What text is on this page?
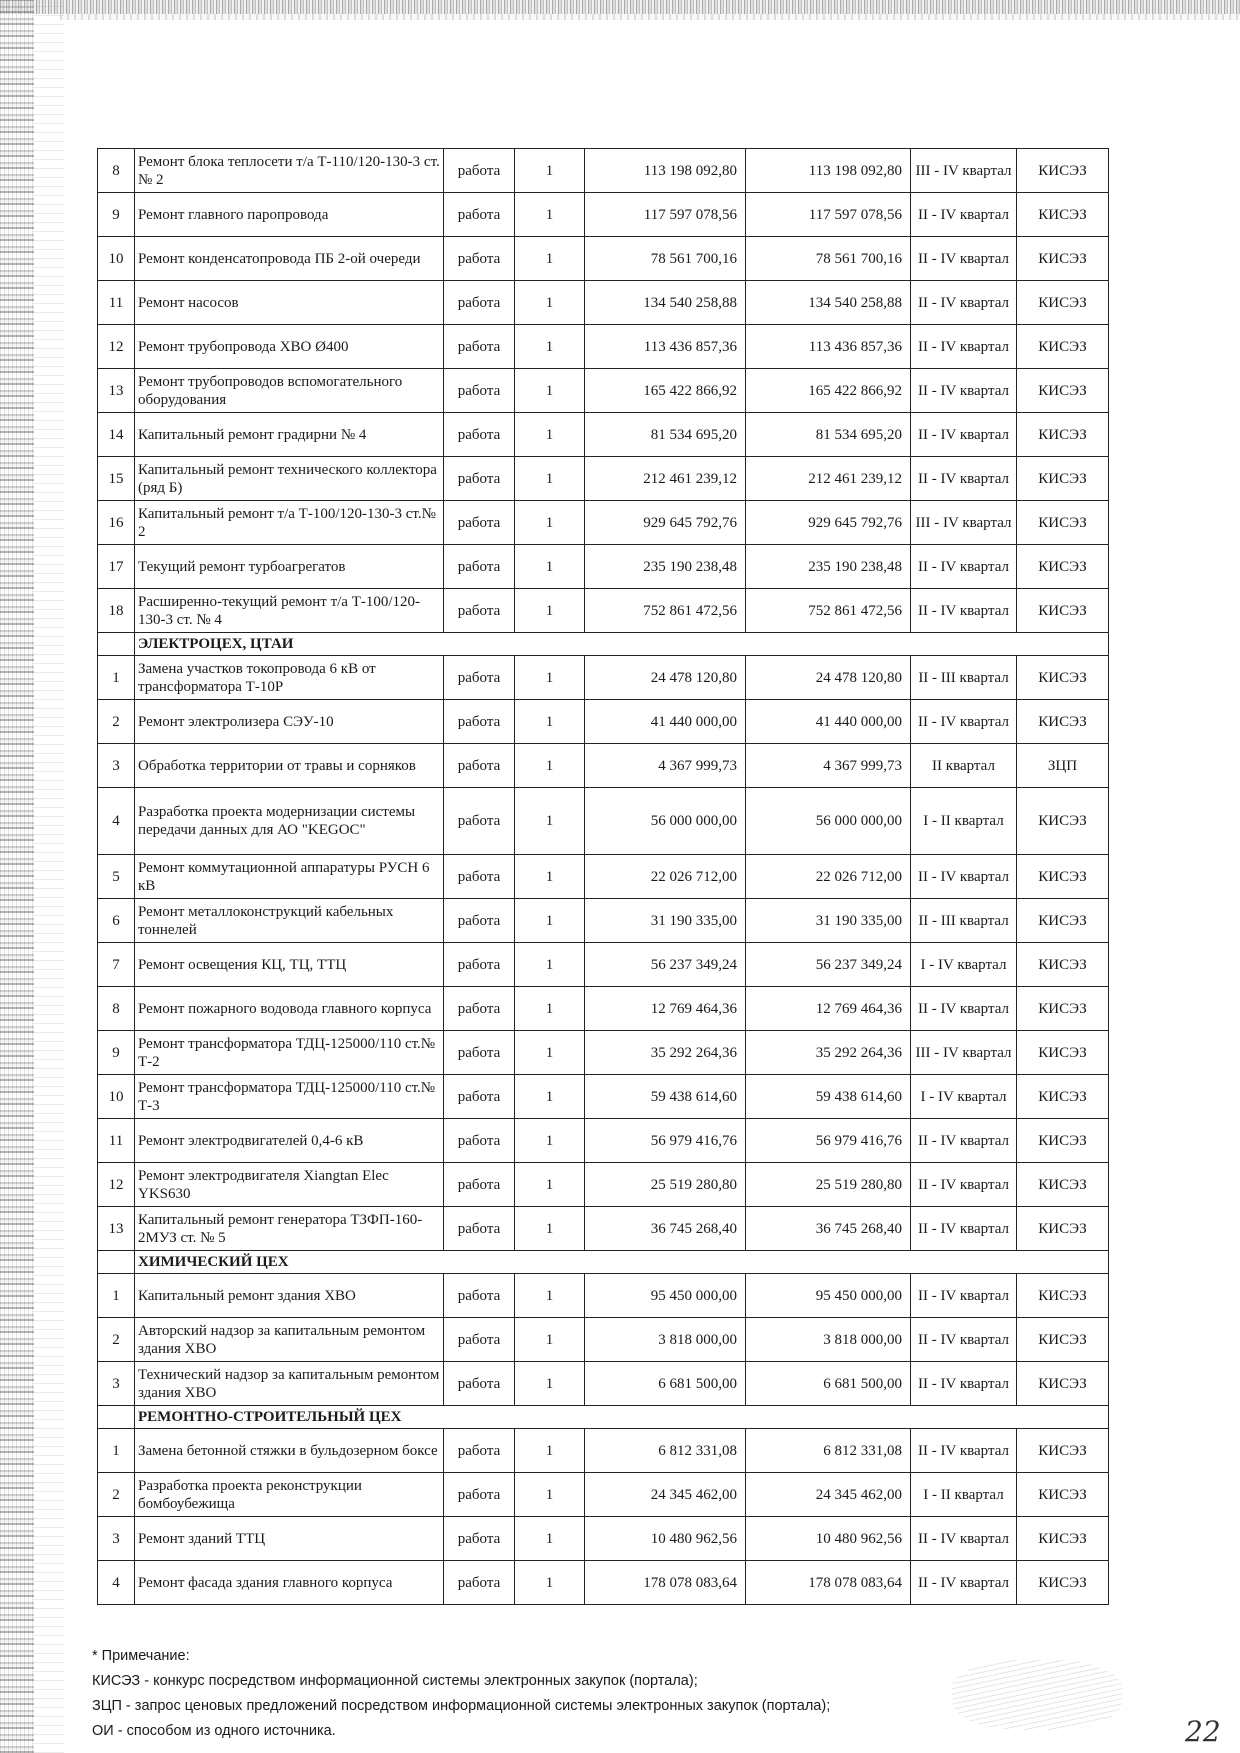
8	Ремонт блока теплосети т/а Т-110/120-130-3 ст. № 2	работа	1	113 198 092,80	113 198 092,80	III - IV квартал	КИСЭЗ
9	Ремонт главного паропровода	работа	1	117 597 078,56	117 597 078,56	II - IV квартал	КИСЭЗ
10	Ремонт конденсатопровода ПБ 2-ой очереди	работа	1	78 561 700,16	78 561 700,16	II - IV квартал	КИСЭЗ
11	Ремонт насосов	работа	1	134 540 258,88	134 540 258,88	II - IV квартал	КИСЭЗ
12	Ремонт трубопровода ХВО Ø400	работа	1	113 436 857,36	113 436 857,36	II - IV квартал	КИСЭЗ
13	Ремонт трубопроводов вспомогательного оборудования	работа	1	165 422 866,92	165 422 866,92	II - IV квартал	КИСЭЗ
14	Капитальный ремонт градирни № 4	работа	1	81 534 695,20	81 534 695,20	II - IV квартал	КИСЭЗ
15	Капитальный ремонт технического коллектора (ряд Б)	работа	1	212 461 239,12	212 461 239,12	II - IV квартал	КИСЭЗ
16	Капитальный ремонт т/а Т-100/120-130-3 ст.№ 2	работа	1	929 645 792,76	929 645 792,76	III - IV квартал	КИСЭЗ
17	Текущий ремонт турбоагрегатов	работа	1	235 190 238,48	235 190 238,48	II - IV квартал	КИСЭЗ
18	Расширенно-текущий ремонт т/а Т-100/120-130-3 ст. № 4	работа	1	752 861 472,56	752 861 472,56	II - IV квартал	КИСЭЗ
	ЭЛЕКТРОЦЕХ, ЦТАИ						
1	Замена участков токопровода 6 кВ от трансформатора Т-10Р	работа	1	24 478 120,80	24 478 120,80	II - III квартал	КИСЭЗ
2	Ремонт электролизера СЭУ-10	работа	1	41 440 000,00	41 440 000,00	II - IV квартал	КИСЭЗ
3	Обработка территории от травы и сорняков	работа	1	4 367 999,73	4 367 999,73	II квартал	ЗЦП
4	Разработка проекта модернизации системы передачи данных для АО "KEGOC"	работа	1	56 000 000,00	56 000 000,00	I - II квартал	КИСЭЗ
5	Ремонт коммутационной аппаратуры РУСН 6 кВ	работа	1	22 026 712,00	22 026 712,00	II - IV квартал	КИСЭЗ
6	Ремонт металлоконструкций кабельных тоннелей	работа	1	31 190 335,00	31 190 335,00	II - III квартал	КИСЭЗ
7	Ремонт освещения КЦ, ТЦ, ТТЦ	работа	1	56 237 349,24	56 237 349,24	I - IV квартал	КИСЭЗ
8	Ремонт пожарного водовода главного корпуса	работа	1	12 769 464,36	12 769 464,36	II - IV квартал	КИСЭЗ
9	Ремонт трансформатора ТДЦ-125000/110 ст.№ Т-2	работа	1	35 292 264,36	35 292 264,36	III - IV квартал	КИСЭЗ
10	Ремонт трансформатора ТДЦ-125000/110 ст.№ Т-3	работа	1	59 438 614,60	59 438 614,60	I - IV квартал	КИСЭЗ
11	Ремонт электродвигателей 0,4-6 кВ	работа	1	56 979 416,76	56 979 416,76	II - IV квартал	КИСЭЗ
12	Ремонт электродвигателя Xiangtan Elec YKS630	работа	1	25 519 280,80	25 519 280,80	II - IV квартал	КИСЭЗ
13	Капитальный ремонт генератора ТЗФП-160-2МУЗ ст. № 5	работа	1	36 745 268,40	36 745 268,40	II - IV квартал	КИСЭЗ
	ХИМИЧЕСКИЙ ЦЕХ						
1	Капитальный ремонт здания ХВО	работа	1	95 450 000,00	95 450 000,00	II - IV квартал	КИСЭЗ
2	Авторский надзор за капитальным ремонтом здания ХВО	работа	1	3 818 000,00	3 818 000,00	II - IV квартал	КИСЭЗ
3	Технический надзор за капитальным ремонтом здания ХВО	работа	1	6 681 500,00	6 681 500,00	II - IV квартал	КИСЭЗ
	РЕМОНТНО-СТРОИТЕЛЬНЫЙ ЦЕХ						
1	Замена бетонной стяжки в бульдозерном боксе	работа	1	6 812 331,08	6 812 331,08	II - IV квартал	КИСЭЗ
2	Разработка проекта реконструкции бомбоубежища	работа	1	24 345 462,00	24 345 462,00	I - II квартал	КИСЭЗ
3	Ремонт зданий ТТЦ	работа	1	10 480 962,56	10 480 962,56	II - IV квартал	КИСЭЗ
4	Ремонт фасада здания главного корпуса	работа	1	178 078 083,64	178 078 083,64	II - IV квартал	КИСЭЗ
* Примечание:
КИСЭЗ - конкурс посредством информационной системы электронных закупок (портала);
ЗЦП - запрос ценовых предложений посредством информационной системы электронных закупок (портала);
ОИ - способом из одного источника.	22
